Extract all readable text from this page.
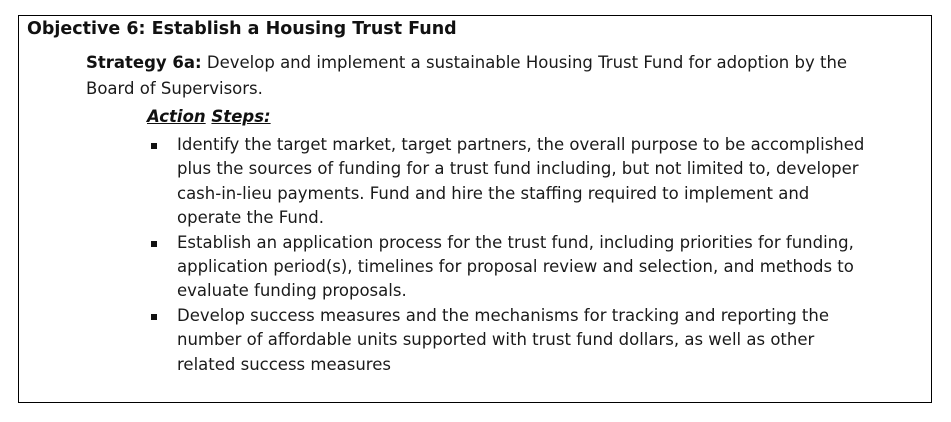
Objective 6: Establish a Housing Trust Fund
Strategy 6a: Develop and implement a sustainable Housing Trust Fund for adoption by the Board of Supervisors.
Action Steps:
Identify the target market, target partners, the overall purpose to be accomplished plus the sources of funding for a trust fund including, but not limited to, developer cash-in-lieu payments. Fund and hire the staffing required to implement and operate the Fund.
Establish an application process for the trust fund, including priorities for funding, application period(s), timelines for proposal review and selection, and methods to evaluate funding proposals.
Develop success measures and the mechanisms for tracking and reporting the number of affordable units supported with trust fund dollars, as well as other related success measures
